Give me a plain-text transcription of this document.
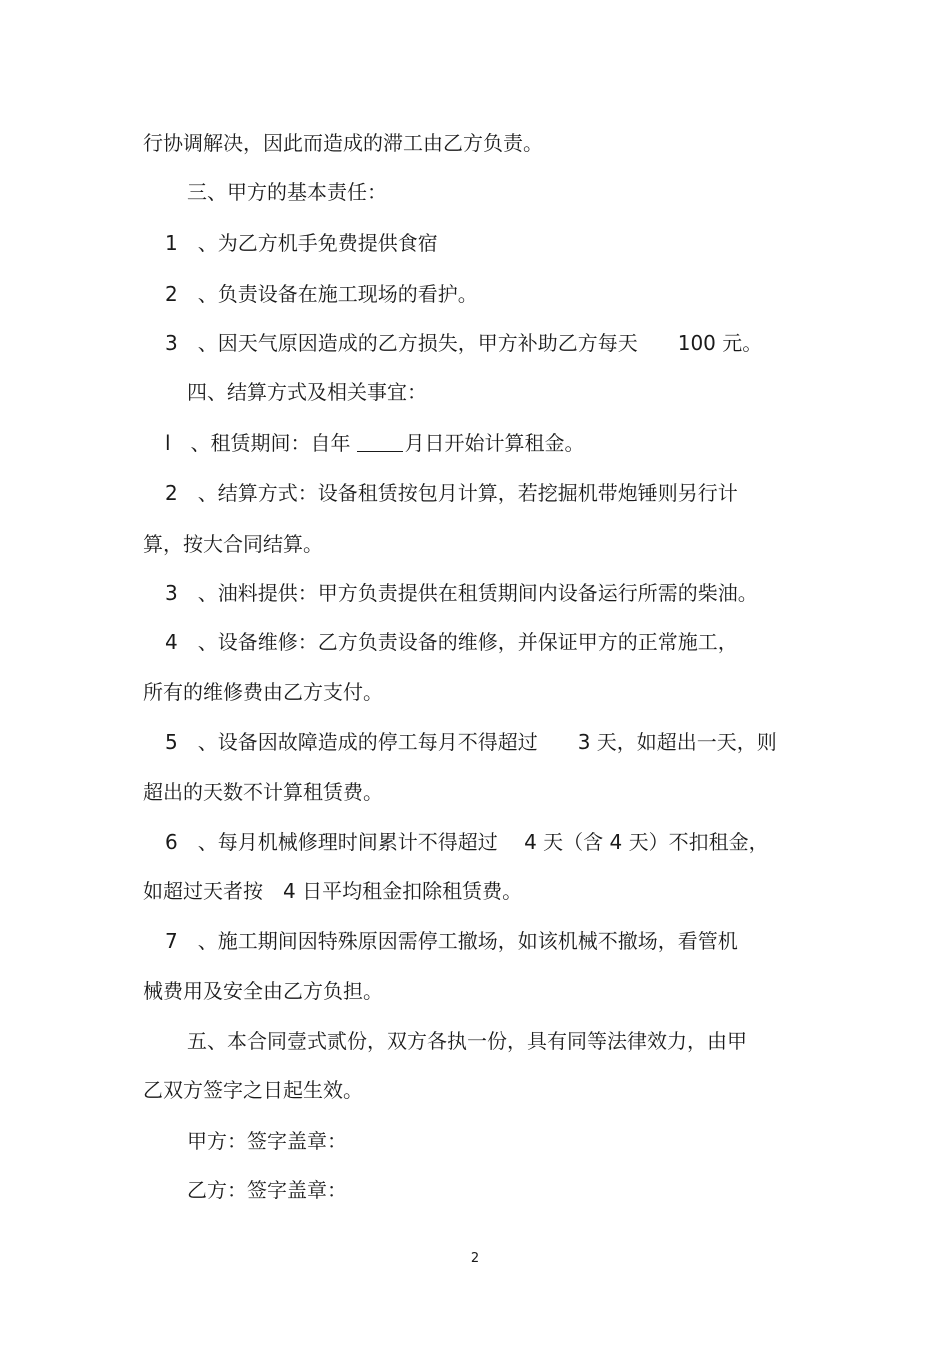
行协调解决，因此而造成的滞工由乙方负责。
三、甲方的基本责任：
1　、为乙方机手免费提供食宿
2　、负责设备在施工现场的看护。
3　、因天气原因造成的乙方损失，甲方补助乙方每天　　100 元。
四、结算方式及相关事宜：
l　、租赁期间：自年	月日开始计算租金。
2　、结算方式：设备租赁按包月计算，若挖掘机带炮锤则另行计
算，按大合同结算。
3　、油料提供：甲方负责提供在租赁期间内设备运行所需的柴油。
4　、设备维修：乙方负责设备的维修，并保证甲方的正常施工，
所有的维修费由乙方支付。
5　、设备因故障造成的停工每月不得超过　　3 天，如超出一天，则
超出的天数不计算租赁费。
6　、每月机械修理时间累计不得超过　 4 天（含 4 天）不扣租金，
如超过天者按　4 日平均租金扣除租赁费。
7　、施工期间因特殊原因需停工撤场，如该机械不撤场，看管机
械费用及安全由乙方负担。
五、本合同壹式贰份，双方各执一份，具有同等法律效力，由甲
乙双方签字之日起生效。
甲方：签字盖章：
乙方：签字盖章：
2
